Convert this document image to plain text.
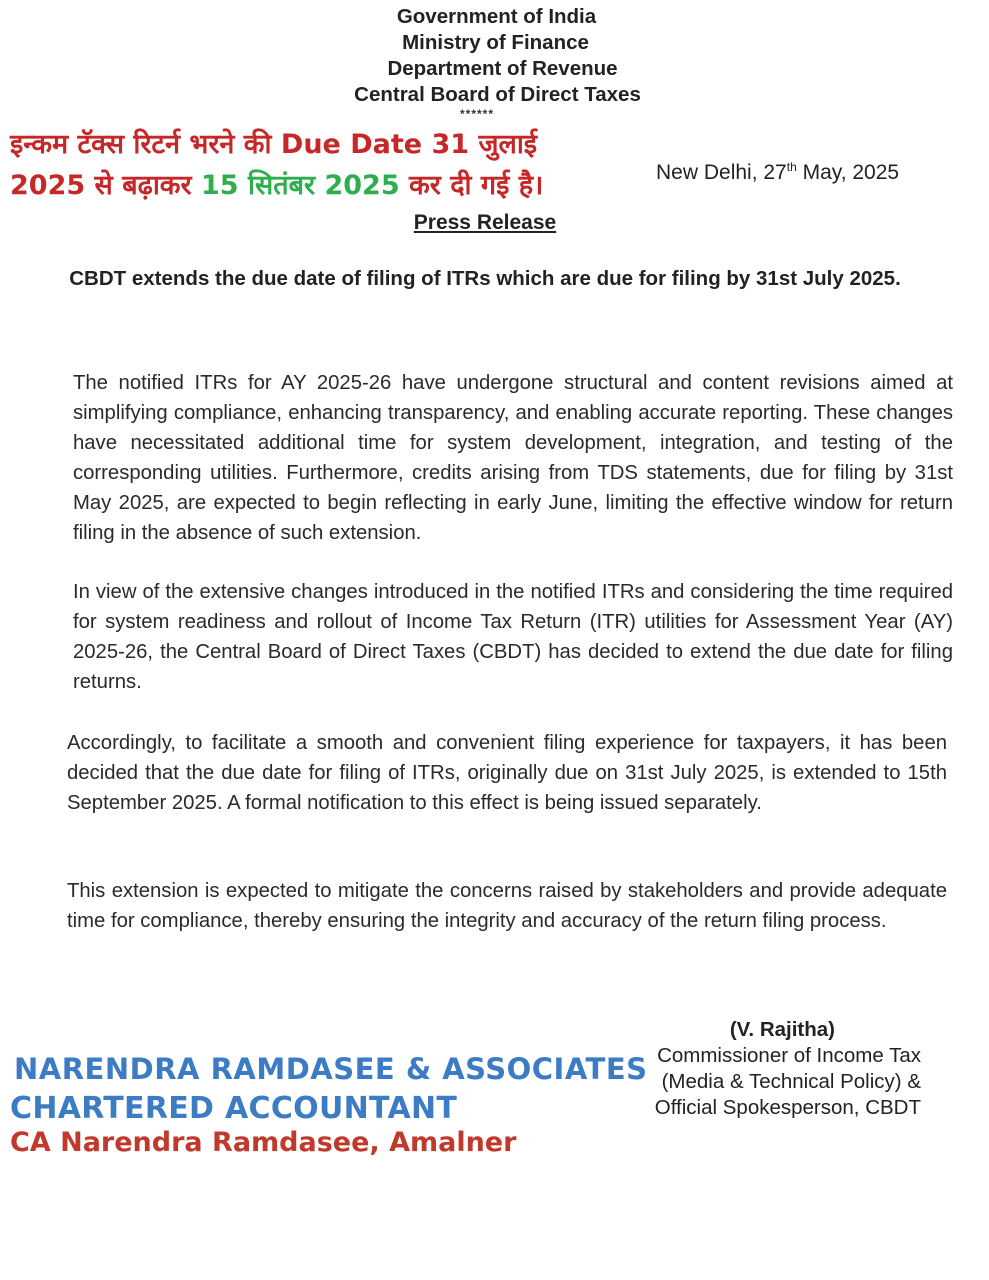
Government of India
Ministry of Finance
Department of Revenue
Central Board of Direct Taxes
******
इन्कम टॅक्स रिटर्न भरने की Due Date 31 जुलाई
2025 से बढ़ाकर 15 सितंबर 2025 कर दी गई है।	New Delhi, 27th May, 2025
Press Release
CBDT extends the due date of filing of ITRs which are due for filing by 31st July 2025.
The notified ITRs for AY 2025-26 have undergone structural and content revisions aimed at simplifying compliance, enhancing transparency, and enabling accurate reporting. These changes have necessitated additional time for system development, integration, and testing of the corresponding utilities. Furthermore, credits arising from TDS statements, due for filing by 31st May 2025, are expected to begin reflecting in early June, limiting the effective window for return filing in the absence of such extension.
In view of the extensive changes introduced in the notified ITRs and considering the time required for system readiness and rollout of Income Tax Return (ITR) utilities for Assessment Year (AY) 2025-26, the Central Board of Direct Taxes (CBDT) has decided to extend the due date for filing returns.
Accordingly, to facilitate a smooth and convenient filing experience for taxpayers, it has been decided that the due date for filing of ITRs, originally due on 31st July 2025, is extended to 15th September 2025. A formal notification to this effect is being issued separately.
This extension is expected to mitigate the concerns raised by stakeholders and provide adequate time for compliance, thereby ensuring the integrity and accuracy of the return filing process.
(V. Rajitha)
Commissioner of Income Tax
(Media & Technical Policy) &
Official Spokesperson, CBDT
NARENDRA RAMDASEE & ASSOCIATES
CHARTERED ACCOUNTANT
CA Narendra Ramdasee, Amalner
